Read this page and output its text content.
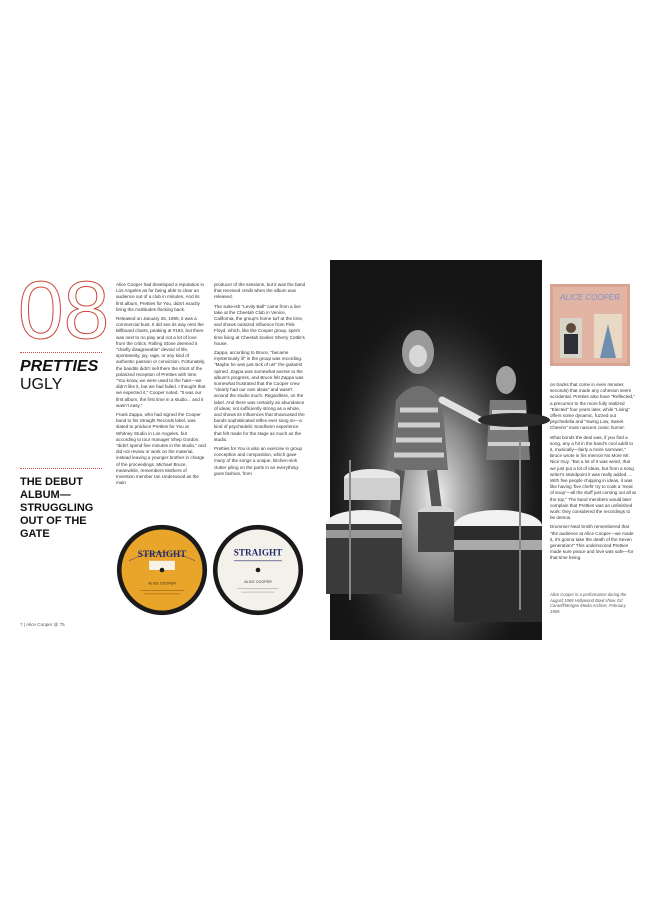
08
PRETTIES
UGLY
THE DEBUT ALBUM—STRUGGLING OUT OF THE GATE

Alice Cooper had developed a reputation in Los Angeles as for being able to clear an audience out of a club in minutes. And its first album, Pretties for You, didn't exactly bring the multitudes flocking back.

Released on January 25, 1969, it was a commercial bust. It did see its way onto the Billboard charts, peaking at #193, but there was next to no play and not a lot of love from the critics. Rolling Stone deemed it "chiefly disagreeable" devoid of life, spontaneity, joy, rage, or any kind of authentic passion or conviction. Fortunately, the bandits didn't sell them the short of the polarized reception of Pretties with time. "You know, we were used to the hate—we didn't like it, but we had failed. I thought that we expected it," Cooper noted. "It was our first album, the first time in a studio... and it wasn't easy."

Frank Zappa, who had signed the Cooper band to his Straight Records label, was slated to produce Pretties for You at Whitney Studio in Los Angeles, but according to tour manager Shep Gordon, "didn't spend five minutes in the studio," and did not review or work on the material, instead leaving a younger brother in charge of the proceedings. Michael Bruce, meanwhile, remembers Mothers of Invention member Ian Underwood as the main

producer of the sessions, but it was the band that received credit when the album was released.

The suite-ish "Levity Ball" came from a live take at the Cheetah Club in Venice, California, the group's home turf at the time, and shows outsized influence from Pink Floyd, which, like the Cooper group, spent time living at Cheetah booker Sherry Cottle's house.

Zappa, according to Bruce, "became mysteriously ill" in the group was recording. "Maybe he was just sick of us!" the guitarist opined. Zappa was somewhat averse to the album's progress, and Bruce felt Zappa was somewhat frustrated that the Cooper crew "clearly had our own ideas" and wasn't around the studio much. Regardless, on the label. And there was certainly an abundance of ideas, not sufficiently strong as a whole, and shows its influences that showcased the bands sophisticated reflex ever song so—a kind of psychedelic Sondheim experience that felt made for the stage as much as the studio.

Pretties for You is also an exercise in group conception and composition, which gave many of the songs a unique, kitchen-sink clutter piling on the parts in an everything-goes fashion, from

STRAIGHT
ALICE COOPER
STRAIGHT
ALICE COOPER
7 | Alice Cooper @ 75
ALICE COOPER

on tracks that come in even minutes seconds) that made any cohesion seem accidental. Pretties also have "Reflected," a precursor to the more fully realized "Elected" four years later, while "Living" offers some dynamic, fuzzed out psychedelia and "Swing Low, Sweet Cheerio" touts nascent comic humor.

What bonds the deal was, if you find a song, any a hit in the band's cool addit to it, musically—fairly a more narrower," Bruce wrote in his memoir No More Mr. Nice Guy. "But a lot of it was weird, that we just put a lot of ideas, but from a song writer's standpoint it was really added. ... With five people chipping in ideas, it was like having 'five chefs' try to cook a 'meal of soup'—all the stuff just coming out all at the top." The band members would later complain that Pretties was an unfinished work: they considered the recordings to be demos.

Drummer Neal Smith remembered that "the audience at Alice Cooper—we made it, it's gonna take the death of the Seven generation!" This underscored Pretties made sure peace and love was safe—for that time being.

Alice Cooper in a performance during the August 1969 Hollywood Bowl show. Ed Caraeff/Morgan Media Archive, February 1969.
